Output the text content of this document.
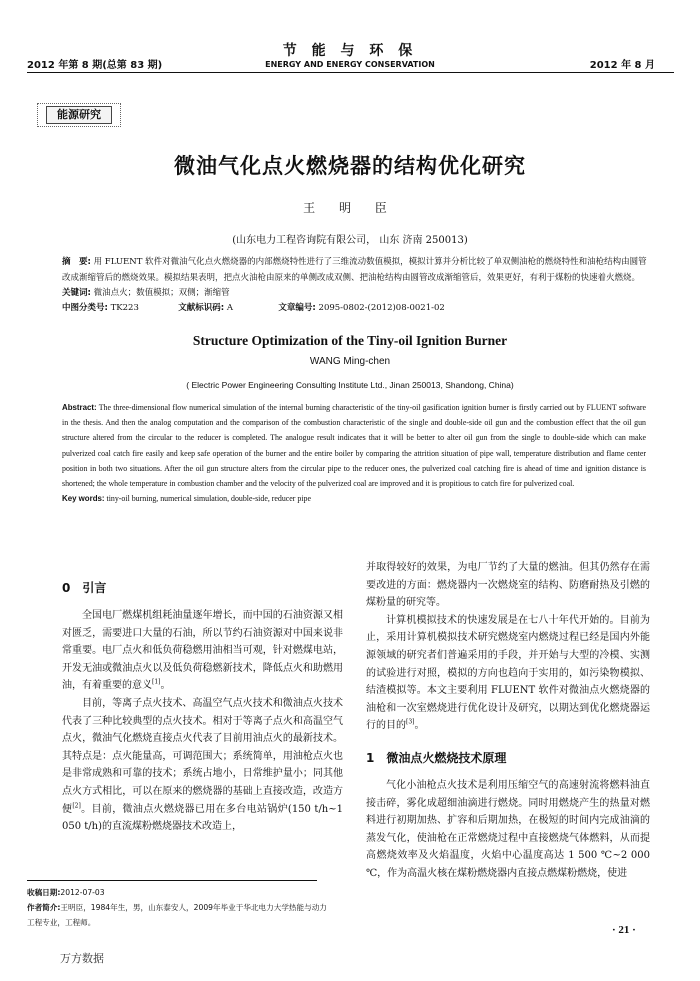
2012 年第 8 期(总第 83 期)
节 能 与 环 保
ENERGY AND ENERGY CONSERVATION	2012 年 8 月
能源研究
微油气化点火燃烧器的结构优化研究
王 明 臣
(山东电力工程咨询院有限公司， 山东 济南 250013)
摘　要: 用 FLUENT 软件对微油气化点火燃烧器的内部燃烧特性进行了三维流动数值模拟，模拟计算并分析比较了单双侧油枪的燃烧特性和油枪结构由圆管改成渐缩管后的燃烧效果。模拟结果表明，把点火油枪由原来的单侧改成双侧、把油枪结构由圆管改成渐缩管后，效果更好，有利于煤粉的快速着火燃烧。
关键词: 微油点火；数值模拟；双侧；渐缩管
中图分类号: TK223	文献标识码: A	文章编号: 2095-0802-(2012)08-0021-02
Structure Optimization of the Tiny-oil Ignition Burner
WANG Ming-chen
( Electric Power Engineering Consulting Institute Ltd., Jinan 250013, Shandong, China)
Abstract: The three-dimensional flow numerical simulation of the internal burning characteristic of the tiny-oil gasification ignition burner is firstly carried out by FLUENT software in the thesis. And then the analog computation and the comparison of the combustion characteristic of the single and double-side oil gun and the combustion effect that the oil gun structure altered from the circular to the reducer is completed. The analogue result indicates that it will be better to alter oil gun from the single to double-side which can make pulverized coal catch fire easily and keep safe operation of the burner and the entire boiler by comparing the attrition situation of pipe wall, temperature distribution and flame center position in both two situations. After the oil gun structure alters from the circular pipe to the reducer ones, the pulverized coal catching fire is ahead of time and ignition distance is shortened; the whole temperature in combustion chamber and the velocity of the pulverized coal are improved and it is propitious to catch fire for pulverized coal.
Key words: tiny-oil burning, numerical simulation, double-side, reducer pipe
0　引言

全国电厂燃煤机组耗油量逐年增长，而中国的石油资源又相对匮乏，需要进口大量的石油，所以节约石油资源对中国来说非常重要。电厂点火和低负荷稳燃用油相当可观，针对燃煤电站，开发无油或微油点火以及低负荷稳燃新技术，降低点火和助燃用油，有着重要的意义[1]。

目前，等离子点火技术、高温空气点火技术和微油点火技术代表了三种比较典型的点火技术。相对于等离子点火和高温空气点火，微油气化燃烧直接点火代表了目前用油点火的最新技术。其特点是：点火能量高，可调范围大；系统简单，用油枪点火也是非常成熟和可靠的技术；系统占地小，日常维护量小；同其他点火方式相比，可以在原来的燃烧器的基础上直接改造，改造方便[2]。目前，微油点火燃烧器已用在多台电站锅炉(150 t/h~1 050 t/h)的直流煤粉燃烧器技术改造上，

并取得较好的效果，为电厂节约了大量的燃油。但其仍然存在需要改进的方面：燃烧器内一次燃烧室的结构、防磨耐热及引燃的煤粉量的研究等。

计算机模拟技术的快速发展是在七八十年代开始的。目前为止，采用计算机模拟技术研究燃烧室内燃烧过程已经是国内外能源领域的研究者们普遍采用的手段，并开始与大型的冷模、实测的试验进行对照，模拟的方向也趋向于实用的，如污染物模拟、结渣模拟等。本文主要利用 FLUENT 软件对微油点火燃烧器的油枪和一次室燃烧进行优化设计及研究，以期达到优化燃烧器运行的目的[3]。

1　微油点火燃烧技术原理

气化小油枪点火技术是利用压缩空气的高速射流将燃料油直接击碎，雾化成超细油滴进行燃烧。同时用燃烧产生的热量对燃料进行初期加热、扩容和后期加热，在极短的时间内完成油滴的蒸发气化，使油枪在正常燃烧过程中直接燃烧气体燃料，从而提高燃烧效率及火焰温度，火焰中心温度高达 1 500 ℃~2 000 ℃，作为高温火核在煤粉燃烧器内直接点燃煤粉燃烧，使进

收稿日期:2012-07-03
作者简介:王明臣，1984年生，男，山东泰安人，2009年毕业于华北电力大学热能与动力工程专业，工程师。
· 21 ·
万方数据
